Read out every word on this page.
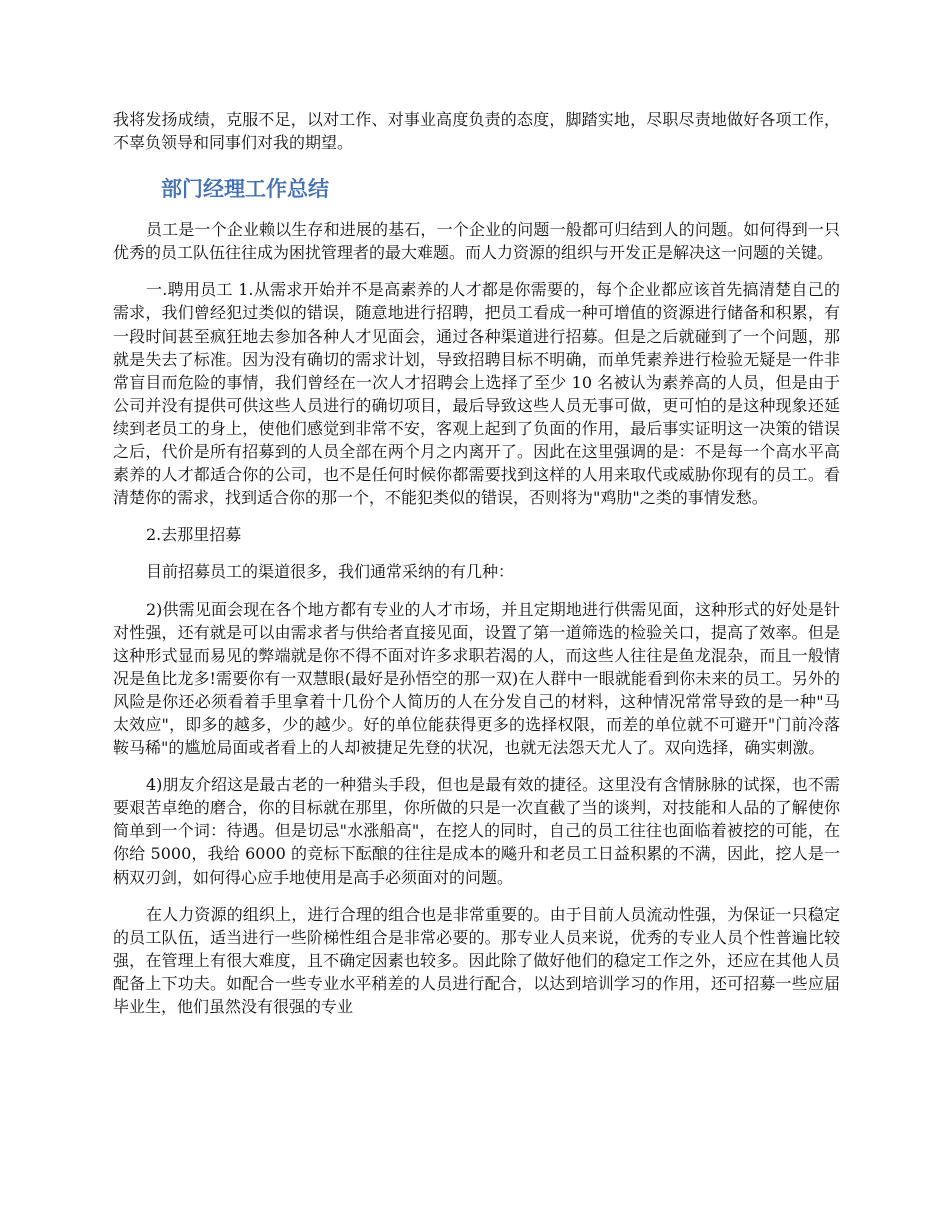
我将发扬成绩，克服不足，以对工作、对事业高度负责的态度，脚踏实地，尽职尽责地做好各项工作，不辜负领导和同事们对我的期望。

部门经理工作总结

员工是一个企业赖以生存和进展的基石，一个企业的问题一般都可归结到人的问题。如何得到一只优秀的员工队伍往往成为困扰管理者的最大难题。而人力资源的组织与开发正是解决这一问题的关键。

一.聘用员工 1.从需求开始并不是高素养的人才都是你需要的，每个企业都应该首先搞清楚自己的需求，我们曾经犯过类似的错误，随意地进行招聘，把员工看成一种可增值的资源进行储备和积累，有一段时间甚至疯狂地去参加各种人才见面会，通过各种渠道进行招募。但是之后就碰到了一个问题，那就是失去了标准。因为没有确切的需求计划，导致招聘目标不明确，而单凭素养进行检验无疑是一件非常盲目而危险的事情，我们曾经在一次人才招聘会上选择了至少 10 名被认为素养高的人员，但是由于公司并没有提供可供这些人员进行的确切项目，最后导致这些人员无事可做，更可怕的是这种现象还延续到老员工的身上，使他们感觉到非常不安，客观上起到了负面的作用，最后事实证明这一决策的错误之后，代价是所有招募到的人员全部在两个月之内离开了。因此在这里强调的是：不是每一个高水平高素养的人才都适合你的公司，也不是任何时候你都需要找到这样的人用来取代或威胁你现有的员工。看清楚你的需求，找到适合你的那一个，不能犯类似的错误，否则将为"鸡肋"之类的事情发愁。

2.去那里招募

目前招募员工的渠道很多，我们通常采纳的有几种：

2)供需见面会现在各个地方都有专业的人才市场，并且定期地进行供需见面，这种形式的好处是针对性强，还有就是可以由需求者与供给者直接见面，设置了第一道筛选的检验关口，提高了效率。但是这种形式显而易见的弊端就是你不得不面对许多求职若渴的人，而这些人往往是鱼龙混杂，而且一般情况是鱼比龙多!需要你有一双慧眼(最好是孙悟空的那一双)在人群中一眼就能看到你未来的员工。另外的风险是你还必须看着手里拿着十几份个人简历的人在分发自己的材料，这种情况常常导致的是一种"马太效应"，即多的越多，少的越少。好的单位能获得更多的选择权限，而差的单位就不可避开"门前冷落鞍马稀"的尴尬局面或者看上的人却被捷足先登的状况，也就无法怨天尤人了。双向选择，确实刺激。

4)朋友介绍这是最古老的一种猎头手段，但也是最有效的捷径。这里没有含情脉脉的试探，也不需要艰苦卓绝的磨合，你的目标就在那里，你所做的只是一次直截了当的谈判，对技能和人品的了解使你简单到一个词：待遇。但是切忌"水涨船高"，在挖人的同时，自己的员工往往也面临着被挖的可能，在你给 5000，我给 6000 的竞标下酝酿的往往是成本的飚升和老员工日益积累的不满，因此，挖人是一柄双刃剑，如何得心应手地使用是高手必须面对的问题。

在人力资源的组织上，进行合理的组合也是非常重要的。由于目前人员流动性强，为保证一只稳定的员工队伍，适当进行一些阶梯性组合是非常必要的。那专业人员来说，优秀的专业人员个性普遍比较强，在管理上有很大难度，且不确定因素也较多。因此除了做好他们的稳定工作之外，还应在其他人员配备上下功夫。如配合一些专业水平稍差的人员进行配合，以达到培训学习的作用，还可招募一些应届毕业生，他们虽然没有很强的专业
